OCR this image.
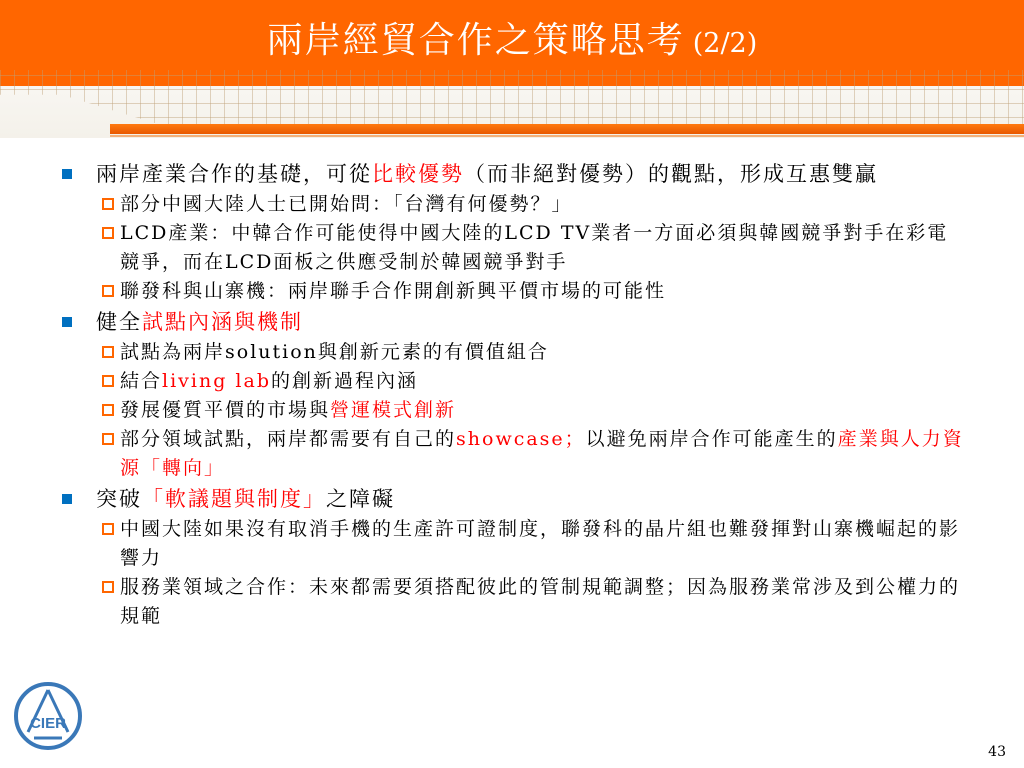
兩岸經貿合作之策略思考 (2/2)
兩岸產業合作的基礎，可從比較優勢（而非絕對優勢）的觀點，形成互惠雙贏
部分中國大陸人士已開始問：「台灣有何優勢？」
LCD產業：中韓合作可能使得中國大陸的LCD TV業者一方面必須與韓國競爭對手在彩電競爭，而在LCD面板之供應受制於韓國競爭對手
聯發科與山寨機：兩岸聯手合作開創新興平價市場的可能性
健全試點內涵與機制
試點為兩岸solution與創新元素的有價值組合
結合living lab的創新過程內涵
發展優質平價的市場與營運模式創新
部分領域試點，兩岸都需要有自己的showcase；以避免兩岸合作可能產生的產業與人力資源「轉向」
突破「軟議題與制度」之障礙
中國大陸如果沒有取消手機的生產許可證制度，聯發科的晶片組也難發揮對山寨機崛起的影響力
服務業領域之合作：未來都需要須搭配彼此的管制規範調整；因為服務業常涉及到公權力的規範
CIER
43
